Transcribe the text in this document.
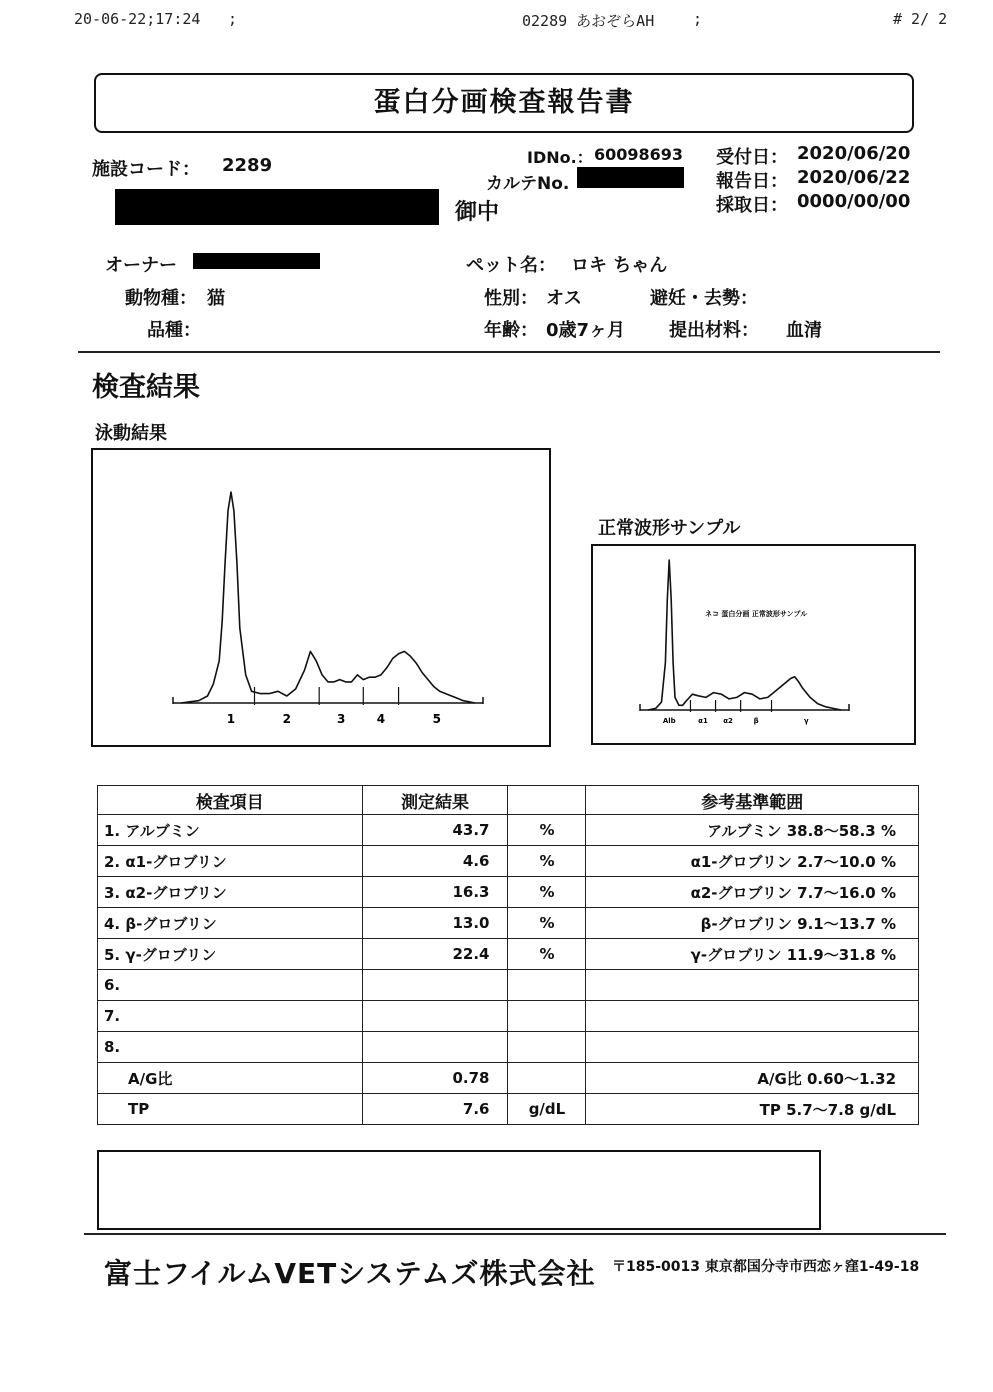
20-06-22;17:24 ;	02289 あおぞらAH	;	# 2/ 2
蛋白分画検査報告書
施設コード： 2289	IDNo.： 60098693
カルテNo.
受付日： 2020/06/20
報告日： 2020/06/22
採取日： 0000/00/00
御中
オーナー
動物種： 猫
品種：
ペット名： ロキ ちゃん
性別： オス	避妊・去勢：
年齢： 0歳7ヶ月 提出材料： 血清
検査結果
泳動結果
正常波形サンプル
1	2	3	4	5
ネコ 蛋白分画 正常波形サンプル
Alb	α1 α2	β	γ
検査項目	測定結果		参考基準範囲
1. アルブミン	43.7	%	アルブミン 38.8〜58.3 %
2. α1-グロブリン	4.6	%	α1-グロブリン 2.7〜10.0 %
3. α2-グロブリン	16.3	%	α2-グロブリン 7.7〜16.0 %
4. β-グロブリン	13.0	%	β-グロブリン 9.1〜13.7 %
5. γ-グロブリン	22.4	%	γ-グロブリン 11.9〜31.8 %
6.			
7.			
8.			
A/G比	0.78		A/G比 0.60〜1.32
TP	7.6	g/dL	TP 5.7〜7.8 g/dL
富士フイルムVETシステムズ株式会社 〒185-0013 東京都国分寺市西恋ヶ窪1-49-18
